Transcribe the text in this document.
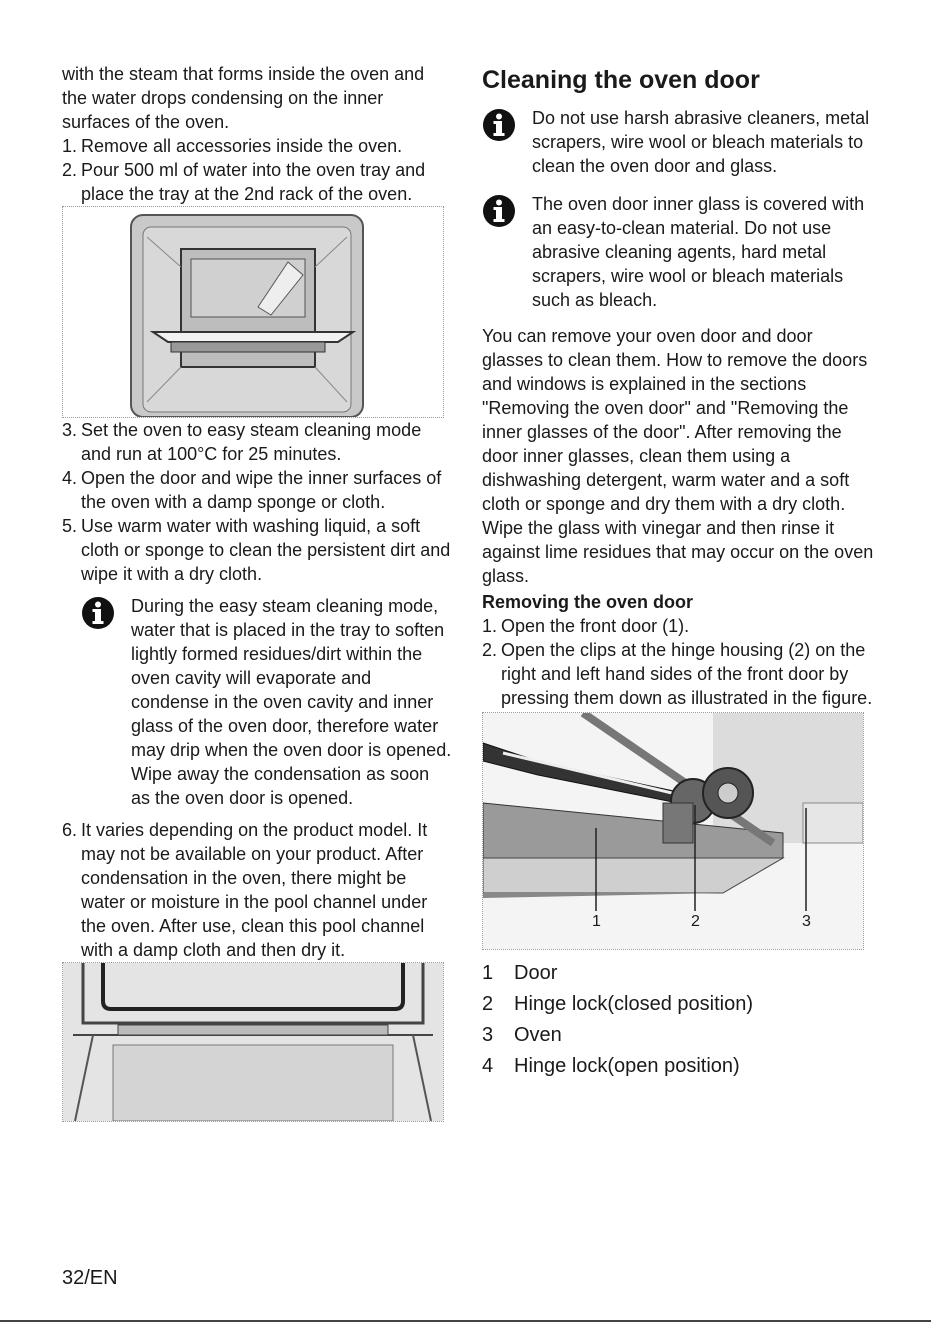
with the steam that forms inside the oven and the water drops condensing on the inner surfaces of the oven.

1. Remove all accessories inside the oven.
2. Pour 500 ml of water into the oven tray and place the tray at the 2nd rack of the oven.
3. Set the oven to easy steam cleaning mode and run at 100°C for 25 minutes.
4. Open the door and wipe the inner surfaces of the oven with a damp sponge or cloth.
5. Use warm water with washing liquid, a soft cloth or sponge to clean the persistent dirt and wipe it with a dry cloth.

During the easy steam cleaning mode, water that is placed in the tray to soften lightly formed residues/dirt within the oven cavity will evaporate and condense in the oven cavity and inner glass of the oven door, therefore water may drip when the oven door is opened. Wipe away the condensation as soon as the oven door is opened.

6. It varies depending on the product model. It may not be available on your product. After condensation in the oven, there might be water or moisture in the pool channel under the oven. After use, clean this pool channel with a damp cloth and then dry it.
Cleaning the oven door

Do not use harsh abrasive cleaners, metal scrapers, wire wool or bleach materials to clean the oven door and glass.

The oven door inner glass is covered with an easy-to-clean material. Do not use abrasive cleaning agents, hard metal scrapers, wire wool or bleach materials such as bleach.

You can remove your oven door and door glasses to clean them. How to remove the doors and windows is explained in the sections "Removing the oven door" and "Removing the inner glasses of the door". After removing the door inner glasses, clean them using a dishwashing detergent, warm water and a soft cloth or sponge and dry them with a dry cloth. Wipe the glass with vinegar and then rinse it against lime residues that may occur on the oven glass.

Removing the oven door
1. Open the front door (1).
2. Open the clips at the hinge housing (2) on the right and left hand sides of the front door by pressing them down as illustrated in the figure.
1	2	3
1 Door
2 Hinge lock(closed position)
3 Oven
4 Hinge lock(open position)
32/EN
